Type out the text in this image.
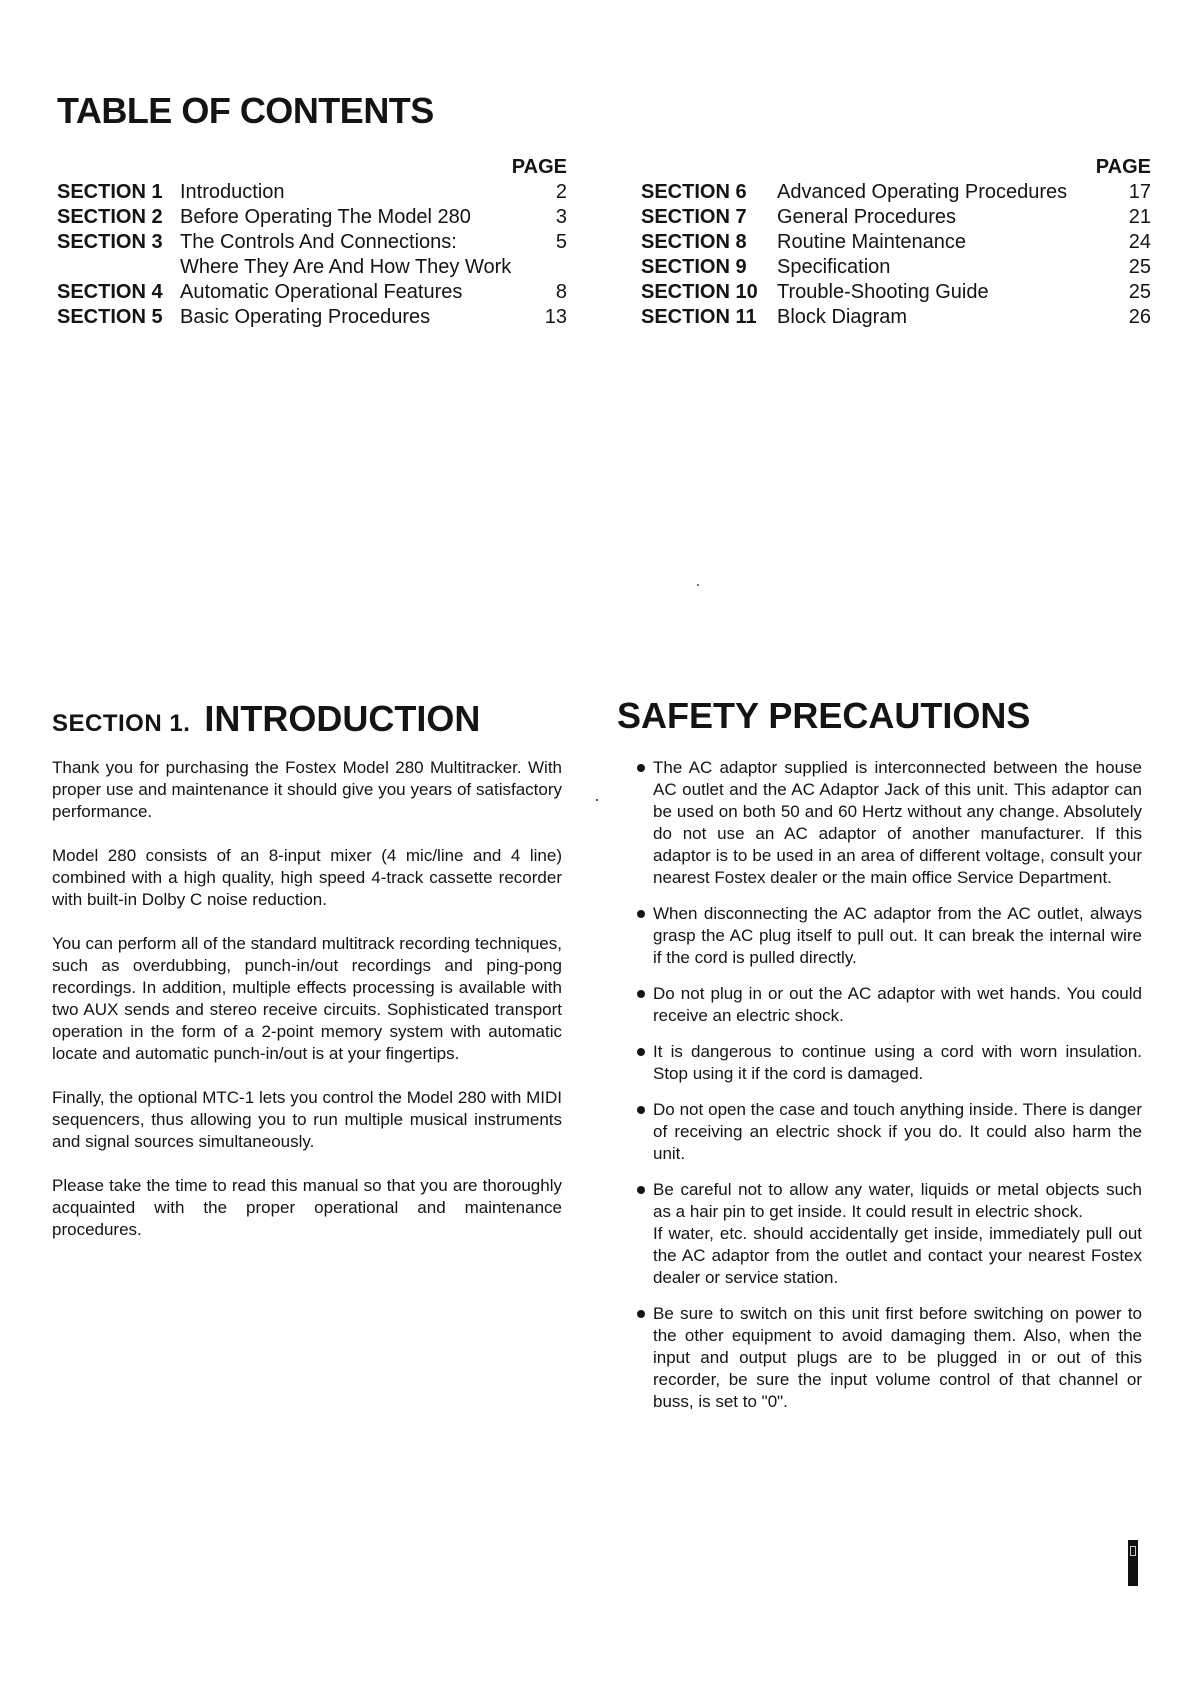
TABLE OF CONTENTS
PAGE
SECTION 1 Introduction	2
SECTION 2 Before Operating The Model 280	3
SECTION 3 The Controls And Connections:	5
Where They Are And How They Work
SECTION 4 Automatic Operational Features	8
SECTION 5 Basic Operating Procedures	13
PAGE
SECTION 6	Advanced Operating Procedures	17
SECTION 7	General Procedures	21
SECTION 8	Routine Maintenance	24
SECTION 9	Specification	25
SECTION 10 Trouble-Shooting Guide	25
SECTION 11	Block Diagram	26
SECTION 1. INTRODUCTION	SAFETY PRECAUTIONS

Thank you for purchasing the Fostex Model 280 Multitracker. With proper use and maintenance it should give you years of satisfactory performance.

Model 280 consists of an 8-input mixer (4 mic/line and 4 line) combined with a high quality, high speed 4-track cassette recorder with built-in Dolby C noise reduction.

You can perform all of the standard multitrack recording techniques, such as overdubbing, punch-in/out recordings and ping-pong recordings. In addition, multiple effects processing is available with two AUX sends and stereo receive circuits. Sophisticated transport operation in the form of a 2-point memory system with automatic locate and automatic punch-in/out is at your fingertips.

Finally, the optional MTC-1 lets you control the Model 280 with MIDI sequencers, thus allowing you to run multiple musical instruments and signal sources simultaneously.

Please take the time to read this manual so that you are thoroughly acquainted with the proper operational and maintenance procedures.

The AC adaptor supplied is interconnected between the house AC outlet and the AC Adaptor Jack of this unit. This adaptor can be used on both 50 and 60 Hertz without any change. Absolutely do not use an AC adaptor of another manufacturer. If this adaptor is to be used in an area of different voltage, consult your nearest Fostex dealer or the main office Service Department.
When disconnecting the AC adaptor from the AC outlet, always grasp the AC plug itself to pull out. It can break the internal wire if the cord is pulled directly.
Do not plug in or out the AC adaptor with wet hands. You could receive an electric shock.
It is dangerous to continue using a cord with worn insulation. Stop using it if the cord is damaged.
Do not open the case and touch anything inside. There is danger of receiving an electric shock if you do. It could also harm the unit.
Be careful not to allow any water, liquids or metal objects such as a hair pin to get inside. It could result in electric shock.
If water, etc. should accidentally get inside, immediately pull out the AC adaptor from the outlet and contact your nearest Fostex dealer or service station.
Be sure to switch on this unit first before switching on power to the other equipment to avoid damaging them. Also, when the input and output plugs are to be plugged in or out of this recorder, be sure the input volume control of that channel or buss, is set to "0".
